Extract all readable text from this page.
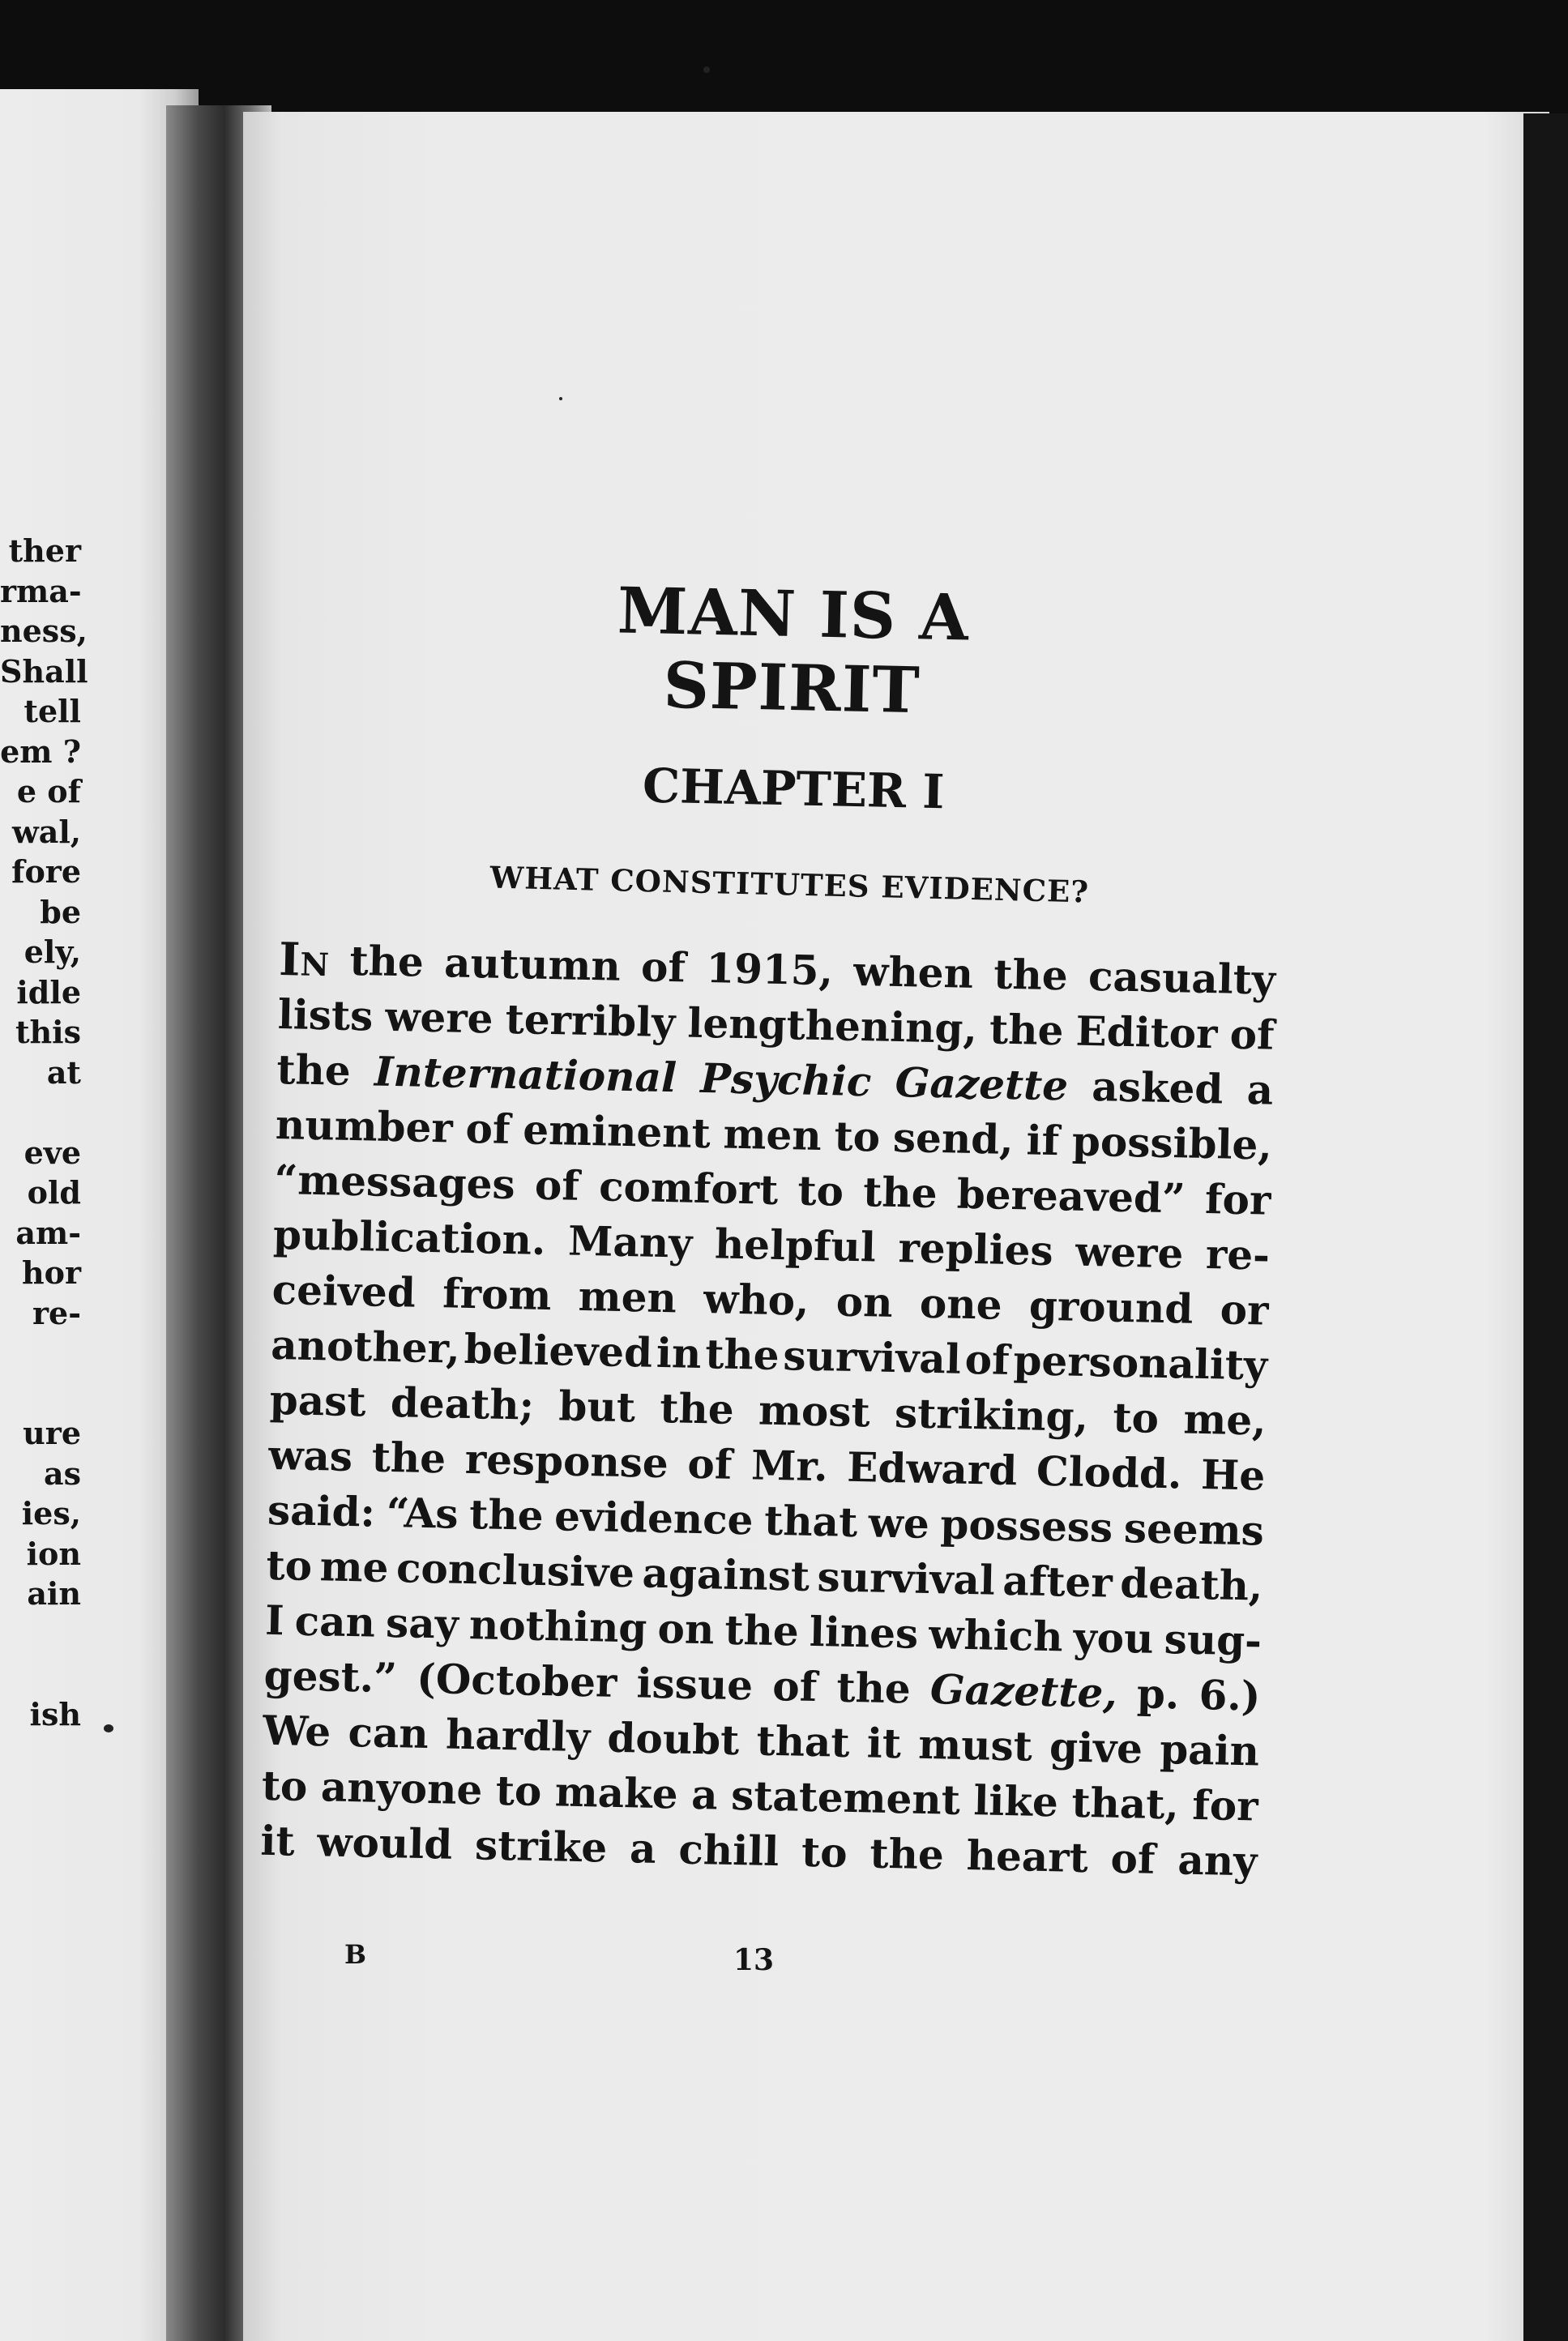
ther
rma-
ness,
Shall
tell
em ?
e of
wal,
fore
be
ely,
idle
this
at
eve
old
am-
hor
re-
ure
as
ies,
ion
ain
ish
MAN IS A SPIRIT
CHAPTER I
WHAT CONSTITUTES EVIDENCE?
In the autumn of 1915, when the casualty
lists were terribly lengthening, the Editor of
the International Psychic Gazette asked a
number of eminent men to send, if possible,
“messages of comfort to the bereaved” for
publication. Many helpful replies were re-
ceived from men who, on one ground or
another, believed in the survival of personality
past death; but the most striking, to me,
was the response of Mr. Edward Clodd. He
said: “As the evidence that we possess seems
to me conclusive against survival after death,
I can say nothing on the lines which you sug-
gest.” (October issue of the Gazette, p. 6.)
We can hardly doubt that it must give pain
to anyone to make a statement like that, for
it would strike a chill to the heart of any
B	13
